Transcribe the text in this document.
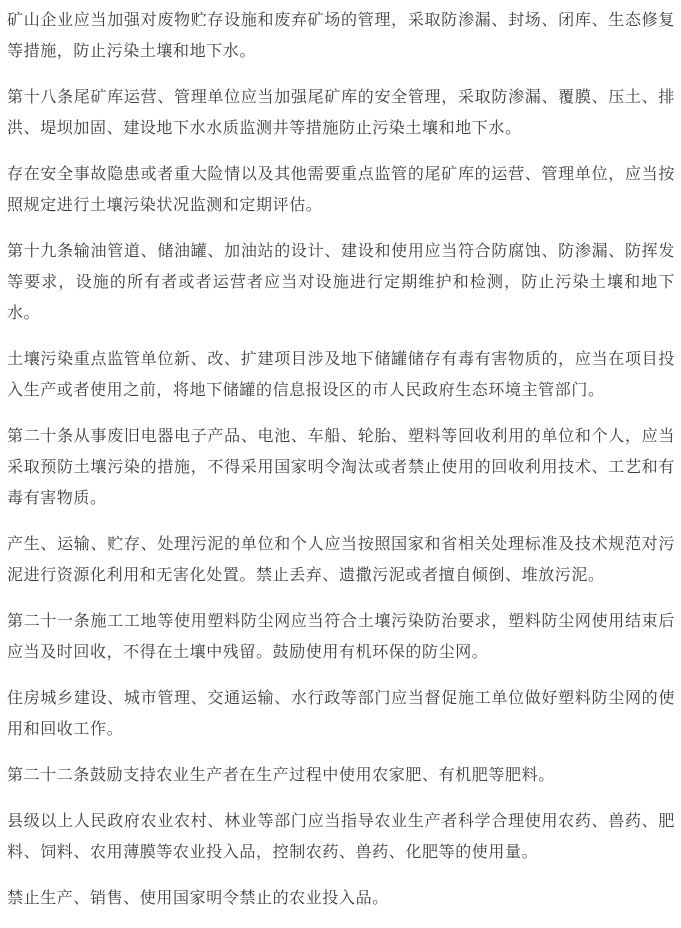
矿山企业应当加强对废物贮存设施和废弃矿场的管理，采取防渗漏、封场、闭库、生态修复等措施，防止污染土壤和地下水。

第十八条尾矿库运营、管理单位应当加强尾矿库的安全管理，采取防渗漏、覆膜、压土、排洪、堤坝加固、建设地下水水质监测井等措施防止污染土壤和地下水。

存在安全事故隐患或者重大险情以及其他需要重点监管的尾矿库的运营、管理单位，应当按照规定进行土壤污染状况监测和定期评估。

第十九条输油管道、储油罐、加油站的设计、建设和使用应当符合防腐蚀、防渗漏、防挥发等要求，设施的所有者或者运营者应当对设施进行定期维护和检测，防止污染土壤和地下水。

土壤污染重点监管单位新、改、扩建项目涉及地下储罐储存有毒有害物质的，应当在项目投入生产或者使用之前，将地下储罐的信息报设区的市人民政府生态环境主管部门。

第二十条从事废旧电器电子产品、电池、车船、轮胎、塑料等回收利用的单位和个人，应当采取预防土壤污染的措施，不得采用国家明令淘汰或者禁止使用的回收利用技术、工艺和有毒有害物质。

产生、运输、贮存、处理污泥的单位和个人应当按照国家和省相关处理标准及技术规范对污泥进行资源化利用和无害化处置。禁止丢弃、遗撒污泥或者擅自倾倒、堆放污泥。

第二十一条施工工地等使用塑料防尘网应当符合土壤污染防治要求，塑料防尘网使用结束后应当及时回收，不得在土壤中残留。鼓励使用有机环保的防尘网。

住房城乡建设、城市管理、交通运输、水行政等部门应当督促施工单位做好塑料防尘网的使用和回收工作。

第二十二条鼓励支持农业生产者在生产过程中使用农家肥、有机肥等肥料。

县级以上人民政府农业农村、林业等部门应当指导农业生产者科学合理使用农药、兽药、肥料、饲料、农用薄膜等农业投入品，控制农药、兽药、化肥等的使用量。

禁止生产、销售、使用国家明令禁止的农业投入品。
